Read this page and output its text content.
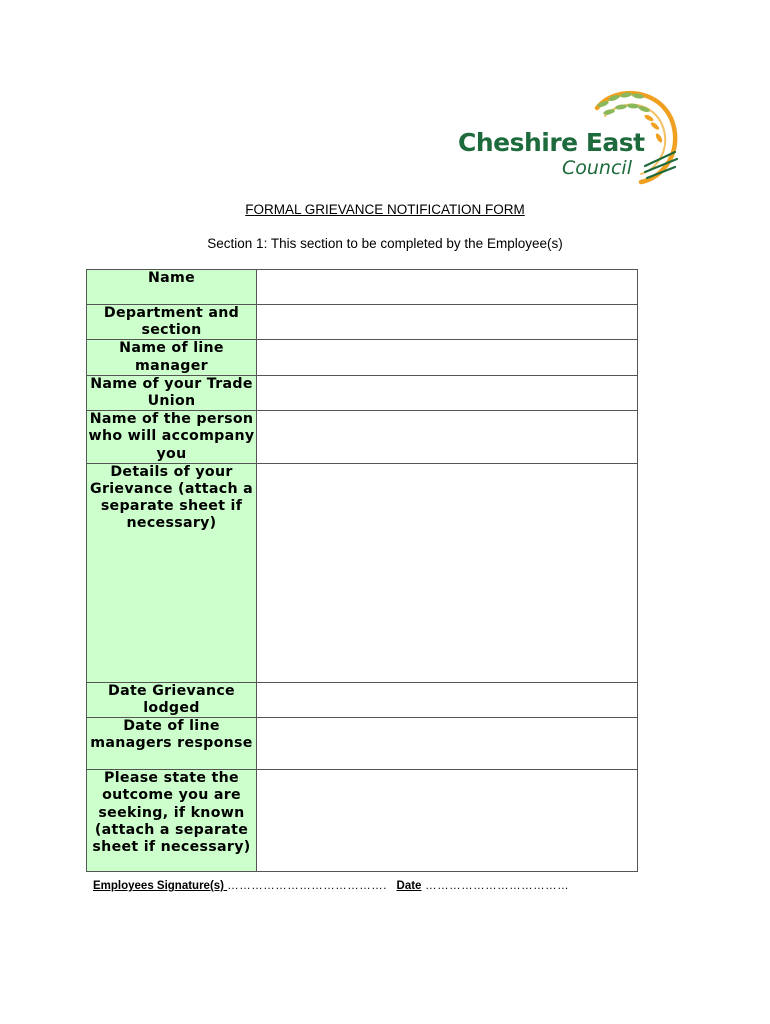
Cheshire East
Council
FORMAL GRIEVANCE NOTIFICATION FORM
Section 1: This section to be completed by the Employee(s)
Name	
Department and section	
Name of line manager	
Name of your Trade Union	
Name of the person who will accompany you	
Details of your Grievance (attach a separate sheet if necessary)	
Date Grievance lodged	
Date of line managers response	
Please state the outcome you are seeking, if known (attach a separate sheet if necessary)	
Employees Signature(s) …………………………………. Date ………………………………
